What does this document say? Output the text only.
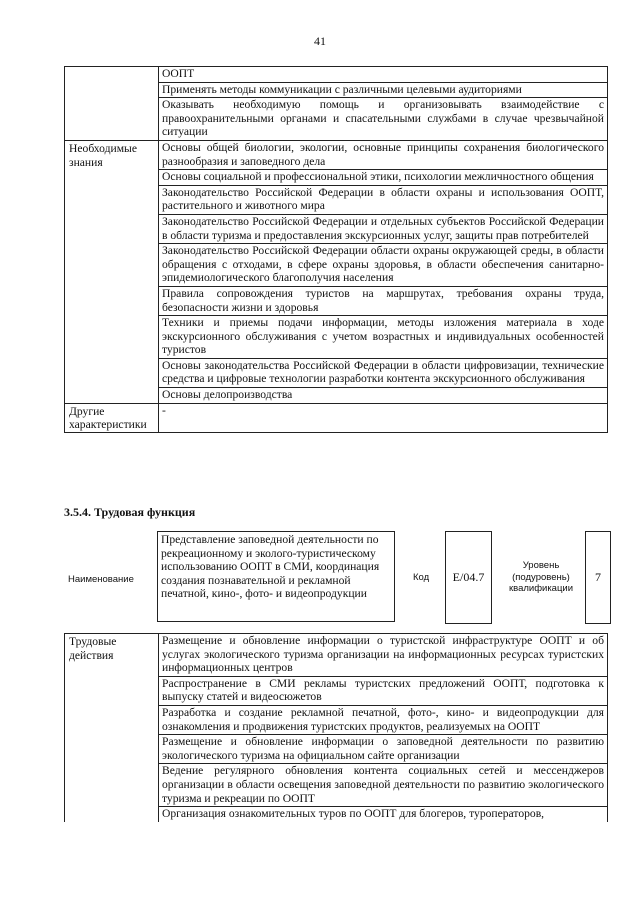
41
	ООПТ
	Применять методы коммуникации с различными целевыми аудиториями
	Оказывать необходимую помощь и организовывать взаимодействие с правоохранительными органами и спасательными службами в случае чрезвычайной ситуации
Необходимые знания	Основы общей биологии, экологии, основные принципы сохранения биологического разнообразия и заповедного дела
	Основы социальной и профессиональной этики, психологии межличностного общения
	Законодательство Российской Федерации в области охраны и использования ООПТ, растительного и животного мира
	Законодательство Российской Федерации и отдельных субъектов Российской Федерации в области туризма и предоставления экскурсионных услуг, защиты прав потребителей
	Законодательство Российской Федерации области охраны окружающей среды, в области обращения с отходами, в сфере охраны здоровья, в области обеспечения санитарно-эпидемиологического благополучия населения
	Правила сопровождения туристов на маршрутах, требования охраны труда, безопасности жизни и здоровья
	Техники и приемы подачи информации, методы изложения материала в ходе экскурсионного обслуживания с учетом возрастных и индивидуальных особенностей туристов
	Основы законодательства Российской Федерации в области цифровизации, технические средства и цифровые технологии разработки контента экскурсионного обслуживания
	Основы делопроизводства
Другие характеристики	-
3.5.4. Трудовая функция
Наименование
Представление заповедной деятельности по рекреационному и эколого-туристическому использованию ООПТ в СМИ, координация создания познавательной и рекламной печатной, кино-, фото- и видеопродукции
Код	E/04.7
Уровень (подуровень) квалификации
7
Трудовые действия	Размещение и обновление информации о туристской инфраструктуре ООПТ и об услугах экологического туризма организации на информационных ресурсах туристских информационных центров
Распространение в СМИ рекламы туристских предложений ООПТ, подготовка к выпуску статей и видеосюжетов
Разработка и создание рекламной печатной, фото-, кино- и видеопродукции для ознакомления и продвижения туристских продуктов, реализуемых на ООПТ
Размещение и обновление информации о заповедной деятельности по развитию экологического туризма на официальном сайте организации
Ведение регулярного обновления контента социальных сетей и мессенджеров организации в области освещения заповедной деятельности по развитию экологического туризма и рекреации по ООПТ
Организация ознакомительных туров по ООПТ для блогеров, туроператоров,
